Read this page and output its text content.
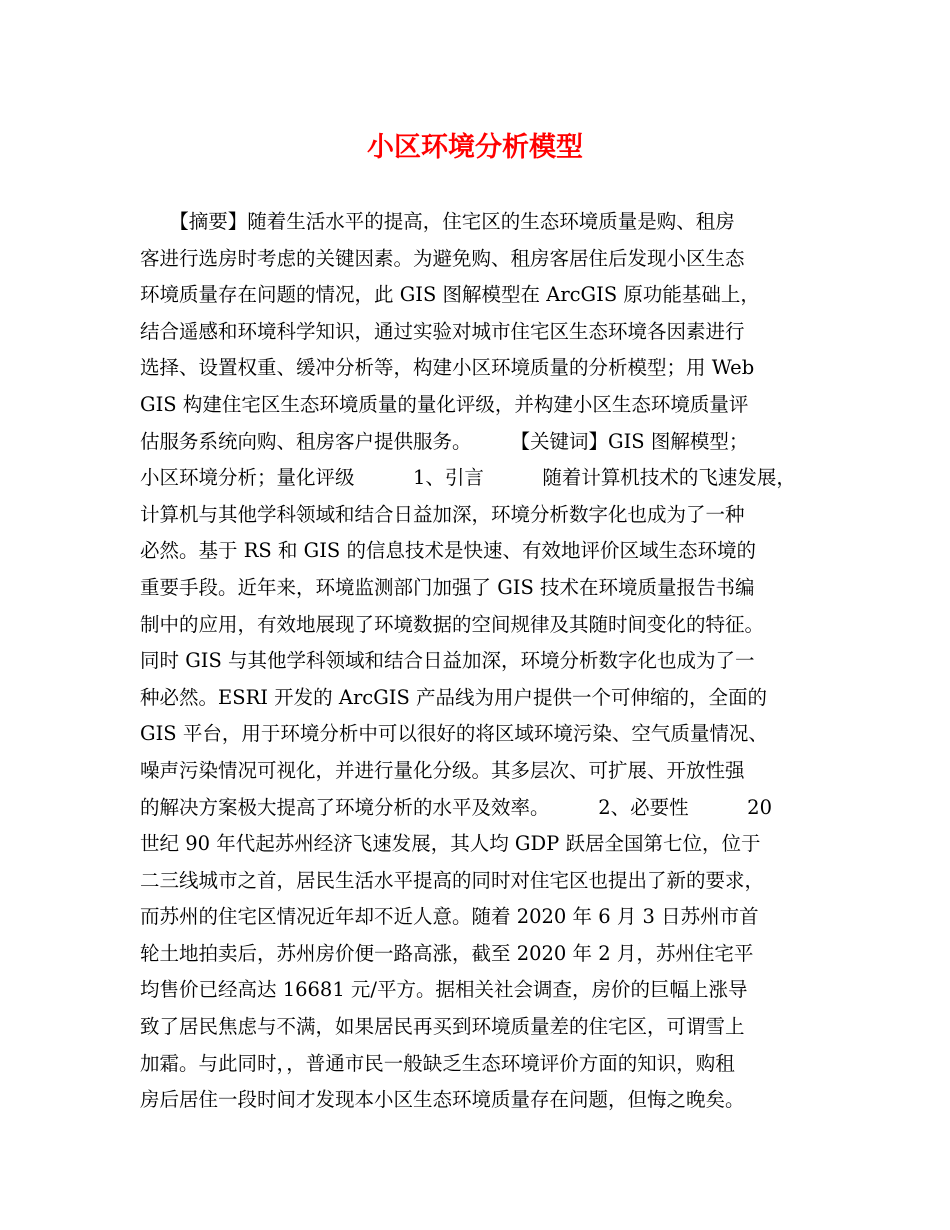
小区环境分析模型
　　【摘要】随着生活水平的提高，住宅区的生态环境质量是购、租房
客进行选房时考虑的关键因素。为避免购、租房客居住后发现小区生态
环境质量存在问题的情况，此 GIS 图解模型在 ArcGIS 原功能基础上，
结合遥感和环境科学知识，通过实验对城市住宅区生态环境各因素进行
选择、设置权重、缓冲分析等，构建小区环境质量的分析模型；用 Web
GIS 构建住宅区生态环境质量的量化评级，并构建小区生态环境质量评
估服务系统向购、租房客户提供服务。　　　【关键词】GIS 图解模型；
小区环境分析；量化评级　　　1、引言　　　随着计算机技术的飞速发展，
计算机与其他学科领域和结合日益加深，环境分析数字化也成为了一种
必然。基于 RS 和 GIS 的信息技术是快速、有效地评价区域生态环境的
重要手段。近年来，环境监测部门加强了 GIS 技术在环境质量报告书编
制中的应用，有效地展现了环境数据的空间规律及其随时间变化的特征。
同时 GIS 与其他学科领域和结合日益加深，环境分析数字化也成为了一
种必然。ESRI 开发的 ArcGIS 产品线为用户提供一个可伸缩的，全面的
GIS 平台，用于环境分析中可以很好的将区域环境污染、空气质量情况、
噪声污染情况可视化，并进行量化分级。其多层次、可扩展、开放性强
的解决方案极大提高了环境分析的水平及效率。　　　2、必要性　　　20
世纪 90 年代起苏州经济飞速发展，其人均 GDP 跃居全国第七位，位于
二三线城市之首，居民生活水平提高的同时对住宅区也提出了新的要求，
而苏州的住宅区情况近年却不近人意。随着 2020 年 6 月 3 日苏州市首
轮土地拍卖后，苏州房价便一路高涨，截至 2020 年 2 月，苏州住宅平
均售价已经高达 16681 元/平方。据相关社会调查，房价的巨幅上涨导
致了居民焦虑与不满，如果居民再买到环境质量差的住宅区，可谓雪上
加霜。与此同时，，普通市民一般缺乏生态环境评价方面的知识，购租
房后居住一段时间才发现本小区生态环境质量存在问题，但悔之晚矣。
